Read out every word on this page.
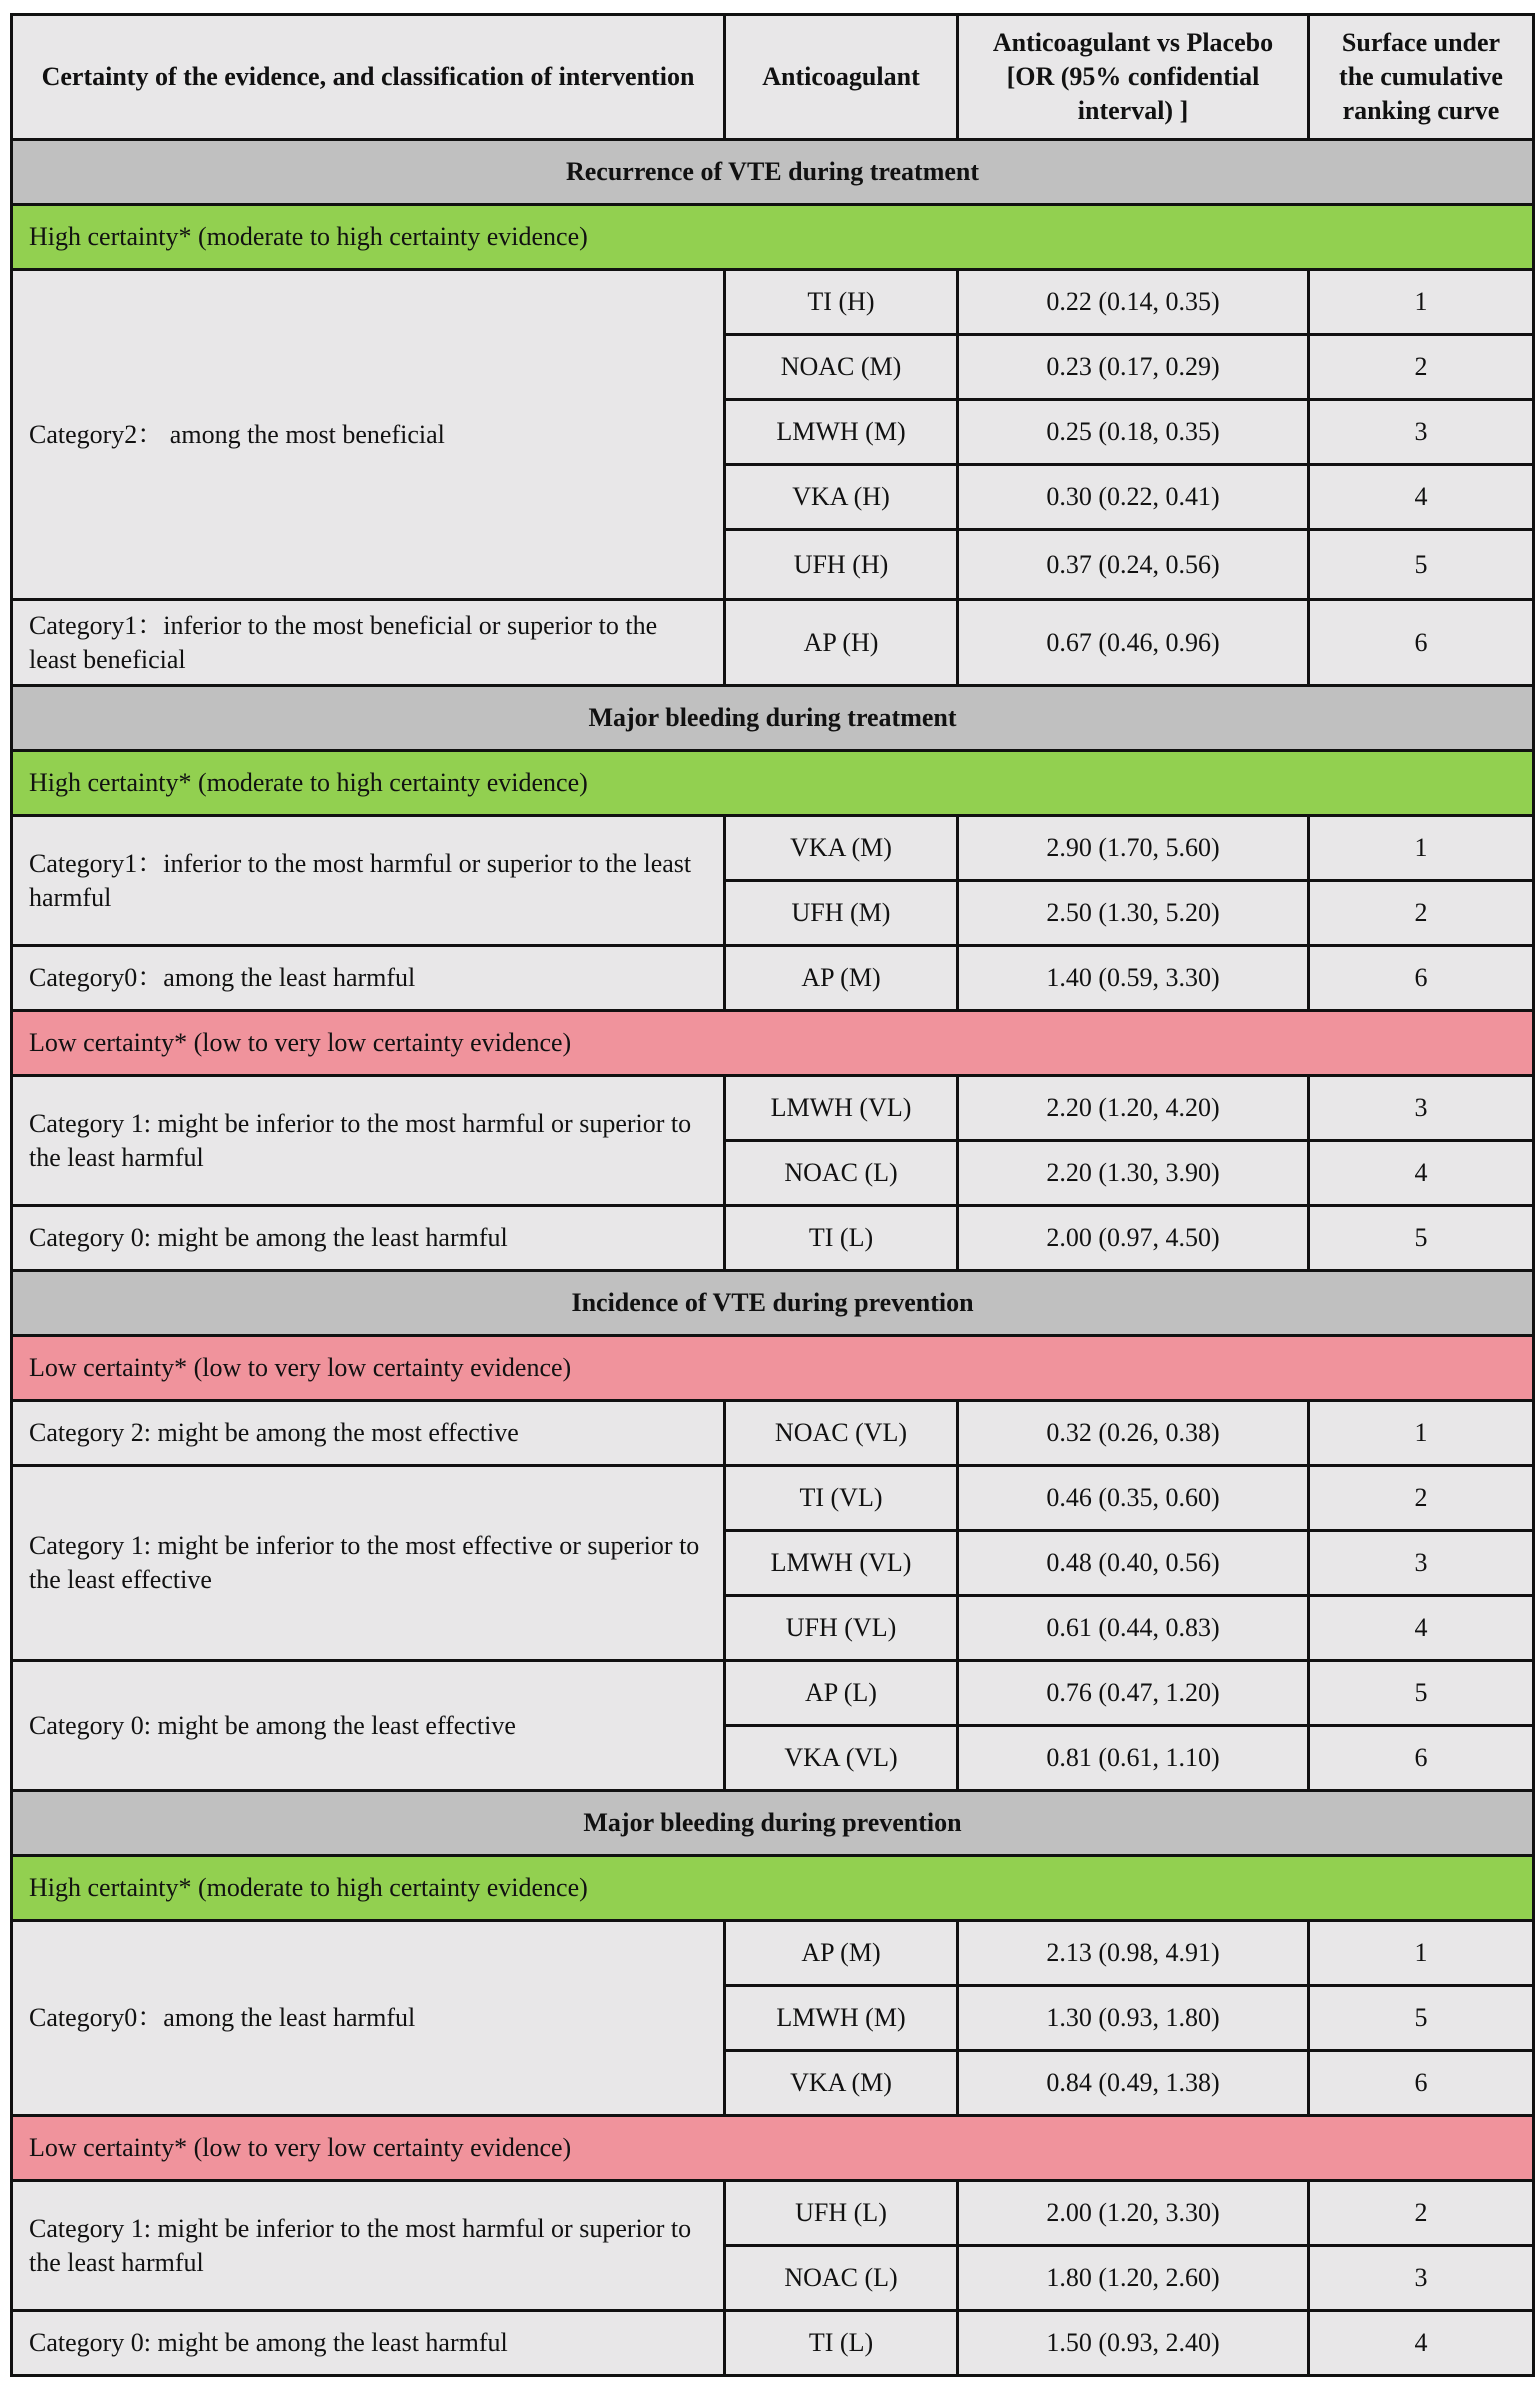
Certainty of the evidence, and classification of intervention	Anticoagulant	Anticoagulant vs Placebo [OR (95% confidential interval) ]	Surface under the cumulative ranking curve
Recurrence of VTE during treatment			
High certainty* (moderate to high certainty evidence)			
Category2： among the most beneficial	TI (H)	0.22 (0.14, 0.35)	1
	NOAC (M)	0.23 (0.17, 0.29)	2
	LMWH (M)	0.25 (0.18, 0.35)	3
	VKA (H)	0.30 (0.22, 0.41)	4
	UFH (H)	0.37 (0.24, 0.56)	5
Category1：inferior to the most beneficial or superior to the least beneficial	AP (H)	0.67 (0.46, 0.96)	6
Major bleeding during treatment			
High certainty* (moderate to high certainty evidence)			
Category1：inferior to the most harmful or superior to the least harmful	VKA (M)	2.90 (1.70, 5.60)	1
	UFH (M)	2.50 (1.30, 5.20)	2
Category0：among the least harmful	AP (M)	1.40 (0.59, 3.30)	6
Low certainty* (low to very low certainty evidence)			
Category 1: might be inferior to the most harmful or superior to the least harmful	LMWH (VL)	2.20 (1.20, 4.20)	3
	NOAC (L)	2.20 (1.30, 3.90)	4
Category 0: might be among the least harmful	TI (L)	2.00 (0.97, 4.50)	5
Incidence of VTE during prevention			
Low certainty* (low to very low certainty evidence)			
Category 2: might be among the most effective	NOAC (VL)	0.32 (0.26, 0.38)	1
Category 1: might be inferior to the most effective or superior to the least effective	TI (VL)	0.46 (0.35, 0.60)	2
	LMWH (VL)	0.48 (0.40, 0.56)	3
	UFH (VL)	0.61 (0.44, 0.83)	4
Category 0: might be among the least effective	AP (L)	0.76 (0.47, 1.20)	5
	VKA (VL)	0.81 (0.61, 1.10)	6
Major bleeding during prevention			
High certainty* (moderate to high certainty evidence)			
Category0：among the least harmful	AP (M)	2.13 (0.98, 4.91)	1
	LMWH (M)	1.30 (0.93, 1.80)	5
	VKA (M)	0.84 (0.49, 1.38)	6
Low certainty* (low to very low certainty evidence)			
Category 1: might be inferior to the most harmful or superior to the least harmful	UFH (L)	2.00 (1.20, 3.30)	2
	NOAC (L)	1.80 (1.20, 2.60)	3
Category 0: might be among the least harmful	TI (L)	1.50 (0.93, 2.40)	4
